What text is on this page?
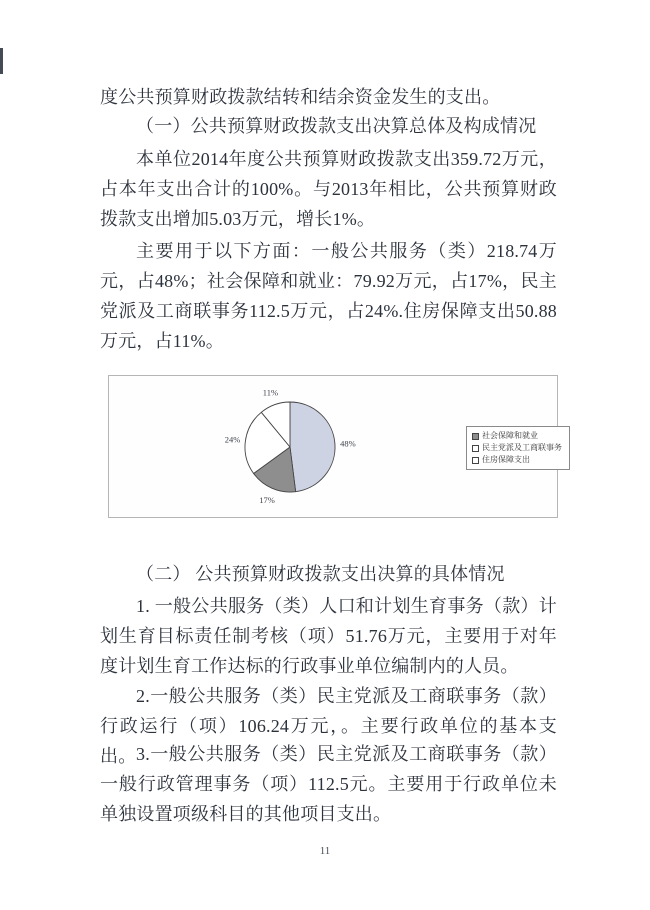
度公共预算财政拨款结转和结余资金发生的支出。
（一）公共预算财政拨款支出决算总体及构成情况
本单位2014年度公共预算财政拨款支出359.72万元，占本年支出合计的100%。与2013年相比，公共预算财政拨款支出增加5.03万元，增长1%。
主要用于以下方面：一般公共服务（类）218.74万元，占48%；社会保障和就业：79.92万元，占17%，民主党派及工商联事务112.5万元，占24%.住房保障支出50.88万元，占11%。
48%
17%
24%
11%
社会保障和就业
民主党派及工商联事务
住房保障支出
（二） 公共预算财政拨款支出决算的具体情况
1. 一般公共服务（类）人口和计划生育事务（款）计划生育目标责任制考核（项）51.76万元，主要用于对年度计划生育工作达标的行政事业单位编制内的人员。
2.一般公共服务（类）民主党派及工商联事务（款）行政运行（项）106.24万元，。主要行政单位的基本支出。 3.一般公共服务（类）民主党派及工商联事务（款）一般行政管理事务（项）112.5元。主要用于行政单位未单独设置项级科目的其他项目支出。
11
